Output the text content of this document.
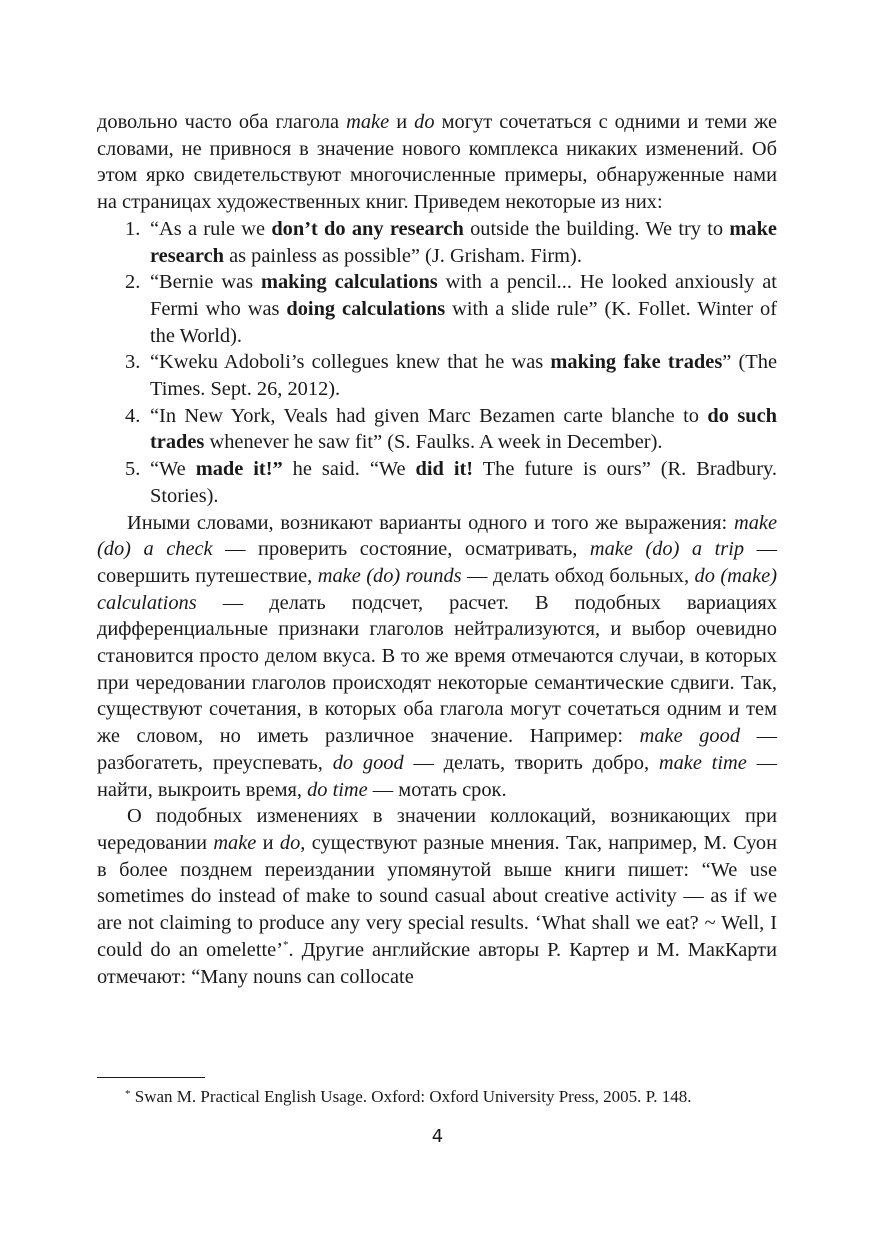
довольно часто оба глагола make и do могут сочетаться с одними и теми же словами, не привнося в значение нового комплекса никаких изменений. Об этом ярко свидетельствуют многочисленные примеры, обнаруженные нами на страницах художественных книг. Приведем некоторые из них:

1. “As a rule we don’t do any research outside the building. We try to make research as painless as possible” (J. Grisham. Firm).
2. “Bernie was making calculations with a pencil... He looked anxiously at Fermi who was doing calculations with a slide rule” (K. Follet. Winter of the World).
3. “Kweku Adoboli’s collegues knew that he was making fake trades” (The Times. Sept. 26, 2012).
4. “In New York, Veals had given Marc Bezamen carte blanche to do such trades whenever he saw fit” (S. Faulks. A week in December).
5. “We made it!” he said. “We did it! The future is ours” (R. Bradbury. Stories).

Иными словами, возникают варианты одного и того же выражения: make (do) a check — проверить состояние, осматривать, make (do) a trip — совершить путешествие, make (do) rounds — делать обход больных, do (make) calculations — делать подсчет, расчет. В подобных вариациях дифференциальные признаки глаголов нейтрализуются, и выбор очевидно становится просто делом вкуса. В то же время отмечаются случаи, в которых при чередовании глаголов происходят некоторые семантические сдвиги. Так, существуют сочетания, в которых оба глагола могут сочетаться одним и тем же словом, но иметь различное значение. Например: make good — разбогатеть, преуспевать, do good — делать, творить добро, make time — найти, выкроить время, do time — мотать срок.

О подобных изменениях в значении коллокаций, возникающих при чередовании make и do, существуют разные мнения. Так, например, М. Суон в более позднем переиздании упомянутой выше книги пишет: “We use sometimes do instead of make to sound casual about creative activity — as if we are not claiming to produce any very special results. ‘What shall we eat? ~ Well, I could do an omelette’*. Другие английские авторы Р. Картер и М. МакКарти отмечают: “Many nouns can collocate

* Swan M. Practical English Usage. Oxford: Oxford University Press, 2005. P. 148.
4
